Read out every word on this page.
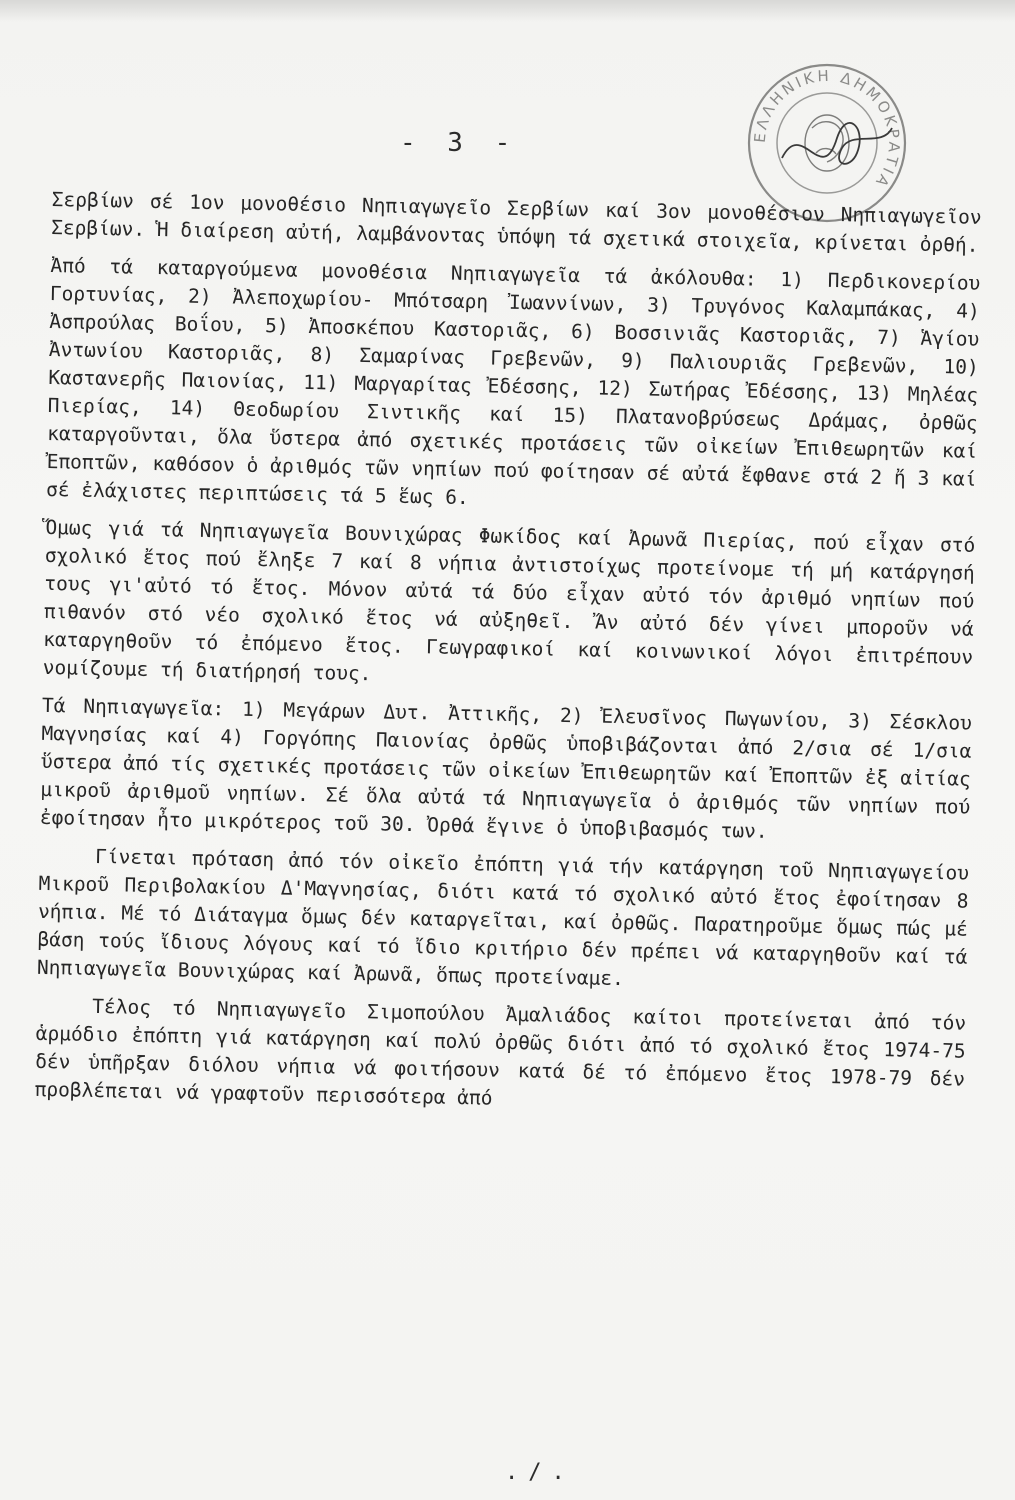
- 3 -	ΕΛΛΗΝΙΚΗ ΔΗΜΟΚΡΑΤΙΑ

Σερβίων σέ 1ον μονοθέσιο Νηπιαγωγεῖο Σερβίων καί 3ον μονοθέσιον Νηπιαγωγεῖον Σερβίων. Ἡ διαίρεση αὐτή, λαμβάνοντας ὑπόψη τά σχετικά στοιχεῖα, κρίνεται ὀρθή.

Ἀπό τά καταργούμενα μονοθέσια Νηπιαγωγεῖα τά ἀκόλουθα: 1) Περδικονερίου Γορτυνίας, 2) Ἀλεποχωρίου- Μπότσαρη Ἰωαννίνων, 3) Τρυγόνος Καλαμπάκας, 4) Ἀσπρούλας Βοΐου, 5) Ἀποσκέπου Καστοριᾶς, 6) Βοσσινιᾶς Καστοριᾶς, 7) Ἁγίου Ἀντωνίου Καστοριᾶς, 8) Σαμαρίνας Γρεβενῶν, 9) Παλιουριᾶς Γρεβενῶν, 10) Καστανερῆς Παιονίας, 11) Μαργαρίτας Ἐδέσσης, 12) Σωτήρας Ἐδέσσης, 13) Μηλέας Πιερίας, 14) Θεοδωρίου Σιντικῆς καί 15) Πλατανοβρύσεως Δράμας, ὀρθῶς καταργοῦνται, ὅλα ὕστερα ἀπό σχετικές προτάσεις τῶν οἰκείων Ἐπιθεωρητῶν καί Ἐποπτῶν, καθόσον ὁ ἀριθμός τῶν νηπίων πού φοίτησαν σέ αὐτά ἔφθανε στά 2 ἤ 3 καί σέ ἐλάχιστες περιπτώσεις τά 5 ἕως 6.

Ὅμως γιά τά Νηπιαγωγεῖα Βουνιχώρας Φωκίδος καί Ἀρωνᾶ Πιερίας, πού εἶχαν στό σχολικό ἔτος πού ἔληξε 7 καί 8 νήπια ἀντιστοίχως προτείνομε τή μή κατάργησή τους γι'αὐτό τό ἔτος. Μόνον αὐτά τά δύο εἶχαν αὐτό τόν ἀριθμό νηπίων πού πιθανόν στό νέο σχολικό ἔτος νά αὐξηθεῖ. Ἄν αὐτό δέν γίνει μποροῦν νά καταργηθοῦν τό ἐπόμενο ἔτος. Γεωγραφικοί καί κοινωνικοί λόγοι ἐπιτρέπουν νομίζουμε τή διατήρησή τους.

Τά Νηπιαγωγεῖα: 1) Μεγάρων Δυτ. Ἀττικῆς, 2) Ἐλευσῖνος Πωγωνίου, 3) Σέσκλου Μαγνησίας καί 4) Γοργόπης Παιονίας ὀρθῶς ὑποβιβάζονται ἀπό 2/σια σέ 1/σια ὕστερα ἀπό τίς σχετικές προτάσεις τῶν οἰκείων Ἐπιθεωρητῶν καί Ἐποπτῶν ἐξ αἰτίας μικροῦ ἀριθμοῦ νηπίων. Σέ ὅλα αὐτά τά Νηπιαγωγεῖα ὁ ἀριθμός τῶν νηπίων πού ἐφοίτησαν ἦτο μικρότερος τοῦ 30. Ὀρθά ἔγινε ὁ ὑποβιβασμός των.

Γίνεται πρόταση ἀπό τόν οἰκεῖο ἐπόπτη γιά τήν κατάργηση τοῦ Νηπιαγωγείου Μικροῦ Περιβολακίου Δ'Μαγνησίας, διότι κατά τό σχολικό αὐτό ἔτος ἐφοίτησαν 8 νήπια. Μέ τό Διάταγμα ὅμως δέν καταργεῖται, καί ὀρθῶς. Παρατηροῦμε ὅμως πώς μέ βάση τούς ἴδιους λόγους καί τό ἴδιο κριτήριο δέν πρέπει νά καταργηθοῦν καί τά Νηπιαγωγεῖα Βουνιχώρας καί Ἀρωνᾶ, ὅπως προτείναμε.

Τέλος τό Νηπιαγωγεῖο Σιμοπούλου Ἀμαλιάδος καίτοι προτείνεται ἀπό τόν ἁρμόδιο ἐπόπτη γιά κατάργηση καί πολύ ὀρθῶς διότι ἀπό τό σχολικό ἔτος 1974-75 δέν ὑπῆρξαν διόλου νήπια νά φοιτήσουν κατά δέ τό ἐπόμενο ἔτος 1978-79 δέν προβλέπεται νά γραφτοῦν περισσότερα ἀπό

./.
